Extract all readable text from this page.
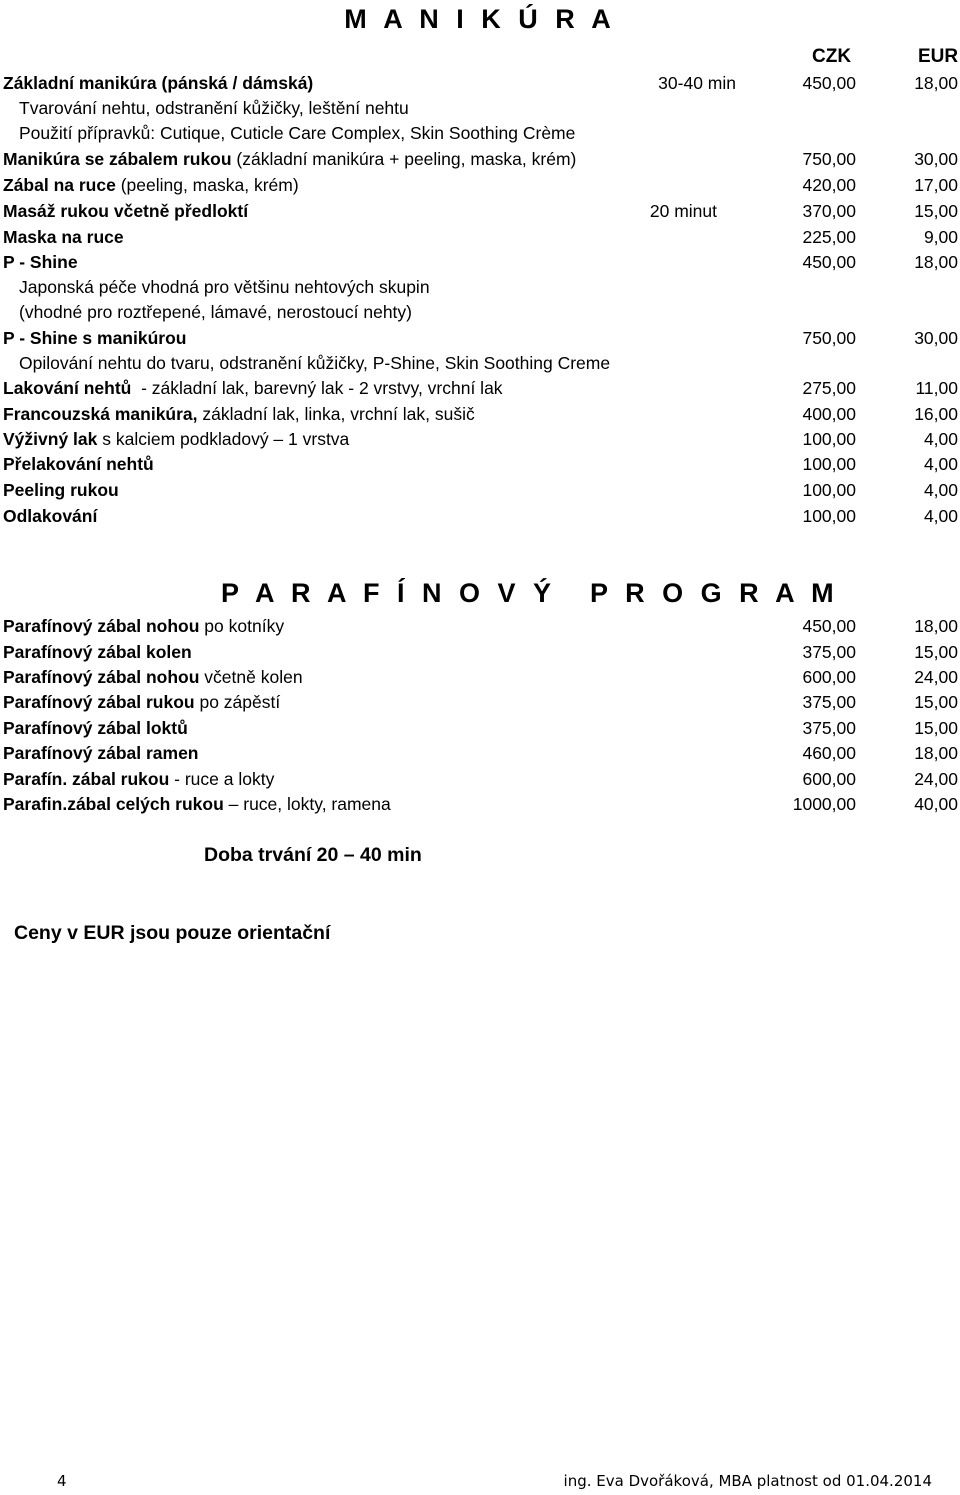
M A N I K Ú R A
CZK	EUR
Základní manikúra (pánská / dámská)	30-40 min	450,00	18,00
Tvarování nehtu, odstranění kůžičky, leštění nehtu
Použití přípravků: Cutique, Cuticle Care Complex, Skin Soothing Crème
Manikúra se zábalem rukou (základní manikúra + peeling, maska, krém)	750,00	30,00
Zábal na ruce (peeling, maska, krém)	420,00	17,00
Masáž rukou včetně předloktí	20 minut	370,00	15,00
Maska na ruce	225,00	9,00
P - Shine	450,00	18,00
Japonská péče vhodná pro většinu nehtových skupin
(vhodné pro roztřepené, lámavé, nerostoucí nehty)
P - Shine s manikúrou	750,00	30,00
Opilování nehtu do tvaru, odstranění kůžičky, P-Shine, Skin Soothing Creme
Lakování nehtů  - základní lak, barevný lak - 2 vrstvy, vrchní lak	275,00	11,00
Francouzská manikúra, základní lak, linka, vrchní lak, sušič	400,00	16,00
Výživný lak s kalciem podkladový – 1 vrstva	100,00	4,00
Přelakování nehtů	100,00	4,00
Peeling rukou	100,00	4,00
Odlakování	100,00	4,00
P A R A F Í N O V Ý P R O G R A M
Parafínový zábal nohou po kotníky	450,00	18,00
Parafínový zábal kolen	375,00	15,00
Parafínový zábal nohou včetně kolen	600,00	24,00
Parafínový zábal rukou po zápěstí	375,00	15,00
Parafínový zábal loktů	375,00	15,00
Parafínový zábal ramen	460,00	18,00
Parafín. zábal rukou - ruce a lokty	600,00	24,00
Parafin.zábal celých rukou – ruce, lokty, ramena	1000,00	40,00
Doba trvání 20 – 40 min
Ceny v EUR jsou pouze orientační
4	ing. Eva Dvořáková, MBA platnost od 01.04.2014
